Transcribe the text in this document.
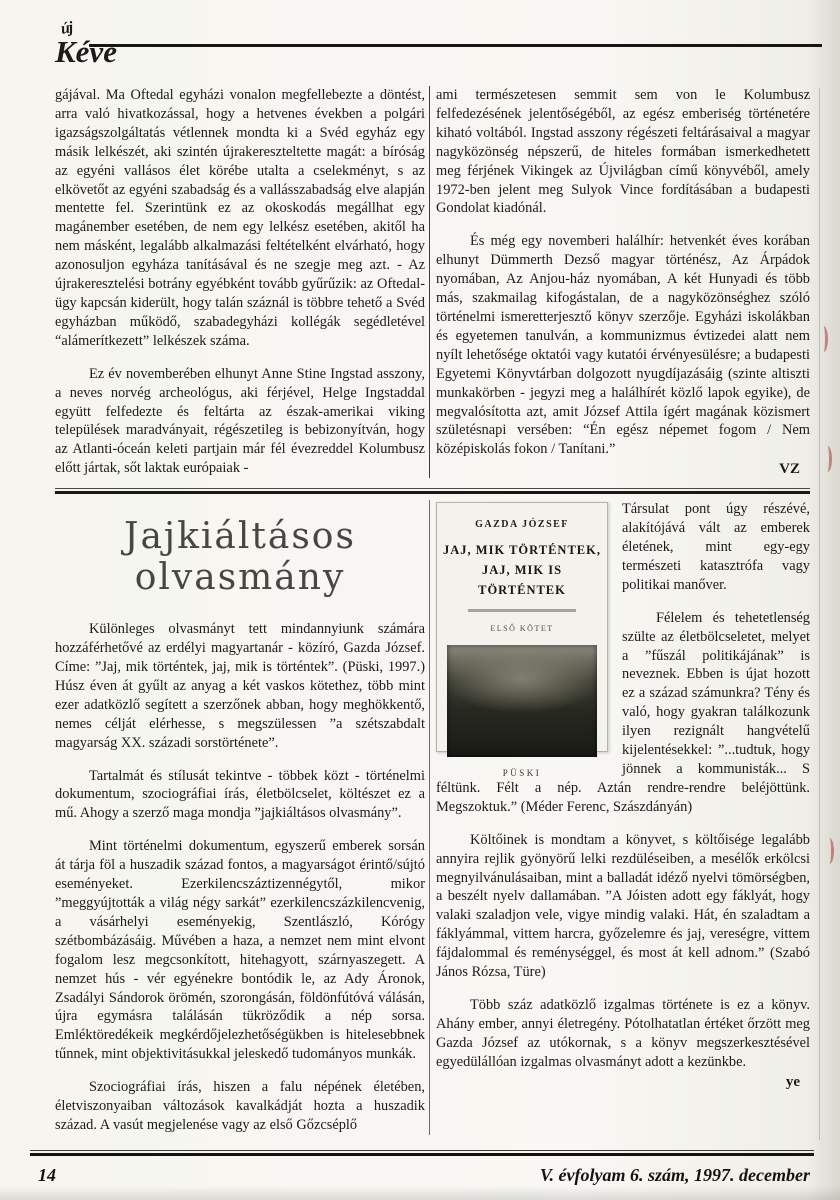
új
Kéve

gájával. Ma Oftedal egyházi vonalon megfellebezte a döntést, arra való hivatkozással, hogy a hetvenes években a polgári igazságszolgáltatás vétlennek mondta ki a Svéd egyház egy másik lelkészét, aki szintén újrakereszteltette magát: a bíróság az egyéni vallásos élet körébe utalta a cselekményt, s az elkövetőt az egyéni szabadság és a vallásszabadság elve alapján mentette fel. Szerintünk ez az okoskodás megállhat egy magánember esetében, de nem egy lelkész esetében, akitől ha nem másként, legalább alkalmazási feltételként elvárható, hogy azonosuljon egyháza tanításával és ne szegje meg azt. - Az újrakeresztelési botrány egyébként tovább gyűrűzik: az Oftedal-ügy kapcsán kiderült, hogy talán száznál is többre tehető a Svéd egyházban működő, szabadegyházi kollégák segédletével “alámerítkezett” lelkészek száma.

Ez év novemberében elhunyt Anne Stine Ingstad asszony, a neves norvég archeológus, aki férjével, Helge Ingstaddal együtt felfedezte és feltárta az észak-amerikai viking települések maradványait, régészetileg is bebizonyítván, hogy az Atlanti-óceán keleti partjain már fél évezreddel Kolumbusz előtt jártak, sőt laktak európaiak -

ami természetesen semmit sem von le Kolumbusz felfedezésének jelentőségéből, az egész emberiség történetére kiható voltából. Ingstad asszony régészeti feltárásaival a magyar nagyközönség népszerű, de hiteles formában ismerkedhetett meg férjének Vikingek az Újvilágban című könyvéből, amely 1972-ben jelent meg Sulyok Vince fordításában a budapesti Gondolat kiadónál.

És még egy novemberi halálhír: hetvenkét éves korában elhunyt Dümmerth Dezső magyar történész, Az Árpádok nyomában, Az Anjou-ház nyomában, A két Hunyadi és több más, szakmailag kifogástalan, de a nagyközönséghez szóló történelmi ismeretterjesztő könyv szerzője. Egyházi iskolákban és egyetemen tanulván, a kommunizmus évtizedei alatt nem nyílt lehetősége oktatói vagy kutatói érvényesülésre; a budapesti Egyetemi Könyvtárban dolgozott nyugdíjazásáig (szinte altiszti munkakörben - jegyzi meg a halálhírét közlő lapok egyike), de megvalósította azt, amit József Attila ígért magának közismert születésnapi versében: “Én egész népemet fogom / Nem középiskolás fokon / Tanítani.”

VZ
Jajkiáltásos olvasmány

Különleges olvasmányt tett mindannyiunk számára hozzáférhetővé az erdélyi magyartanár - közíró, Gazda József. Címe: ”Jaj, mik történtek, jaj, mik is történtek”. (Püski, 1997.) Húsz éven át gyűlt az anyag a két vaskos kötethez, több mint ezer adatközlő segített a szerzőnek abban, hogy meghökkentő, nemes célját elérhesse, s megszülessen ”a szétszabdalt magyarság XX. századi sorstörténete”.

Tartalmát és stílusát tekintve - többek közt - történelmi dokumentum, szociográfiai írás, életbölcselet, költészet ez a mű. Ahogy a szerző maga mondja ”jajkiáltásos olvasmány”.

Mint történelmi dokumentum, egyszerű emberek sorsán át tárja föl a huszadik század fontos, a magyarságot érintő/sújtó eseményeket. Ezerkilencszáztizennégytől, mikor ”meggyújtották a világ négy sarkát” ezerkilencszázkilencvenig, a vásárhelyi eseményekig, Szentlászló, Kórógy szétbombázásáig. Művében a haza, a nemzet nem mint elvont fogalom lesz megcsonkított, hitehagyott, szárnyaszegett. A nemzet hús - vér egyénekre bontódik le, az Ady Áronok, Zsadályi Sándorok örömén, szorongásán, földönfútóvá válásán, újra egymásra találásán tükröződik a nép sorsa. Emléktöredékeik megkérdőjelezhetőségükben is hitelesebbnek tűnnek, mint objektivitásukkal jeleskedő tudományos munkák.

Szociográfiai írás, hiszen a falu népének életében, életviszonyaiban változások kavalkádját hozta a huszadik század. A vasút megjelenése vagy az első Gőzcséplő

GAZDA JÓZSEF
JAJ, MIK TÖRTÉNTEK,
JAJ, MIK IS TÖRTÉNTEK
ELSŐ KÖTET
PÜSKI

Társulat pont úgy részévé, alakítójává vált az emberek életének, mint egy-egy természeti katasztrófa vagy politikai manőver.

Félelem és tehetetlenség szülte az életbölcseletet, melyet a ”fűszál politikájának” is neveznek. Ebben is újat hozott ez a század számunkra? Tény és való, hogy gyakran találkozunk ilyen rezignált hangvételű kijelentésekkel: ”...tudtuk, hogy jönnek a kommunisták... S féltünk. Félt a nép. Aztán rendre-rendre beléjöttünk. Megszoktuk.” (Méder Ferenc, Szászdányán)

Költőinek is mondtam a könyvet, s költőisége legalább annyira rejlik gyönyörű lelki rezdüléseiben, a mesélők erkölcsi megnyilvánulásaiban, mint a balladát idéző nyelvi tömörségben, a beszélt nyelv dallamában. ”A Jóisten adott egy fáklyát, hogy valaki szaladjon vele, vigye mindig valaki. Hát, én szaladtam a fáklyámmal, vittem harcra, győzelemre és jaj, vereségre, vittem fájdalommal és reménységgel, és most át kell adnom.” (Szabó János Rózsa, Türe)

Több száz adatközlő izgalmas története is ez a könyv. Ahány ember, annyi életregény. Pótolhatatlan értéket őrzött meg Gazda József az utókornak, s a könyv megszerkesztésével egyedülállóan izgalmas olvasmányt adott a kezünkbe.

ye
14	V. évfolyam 6. szám, 1997. december
